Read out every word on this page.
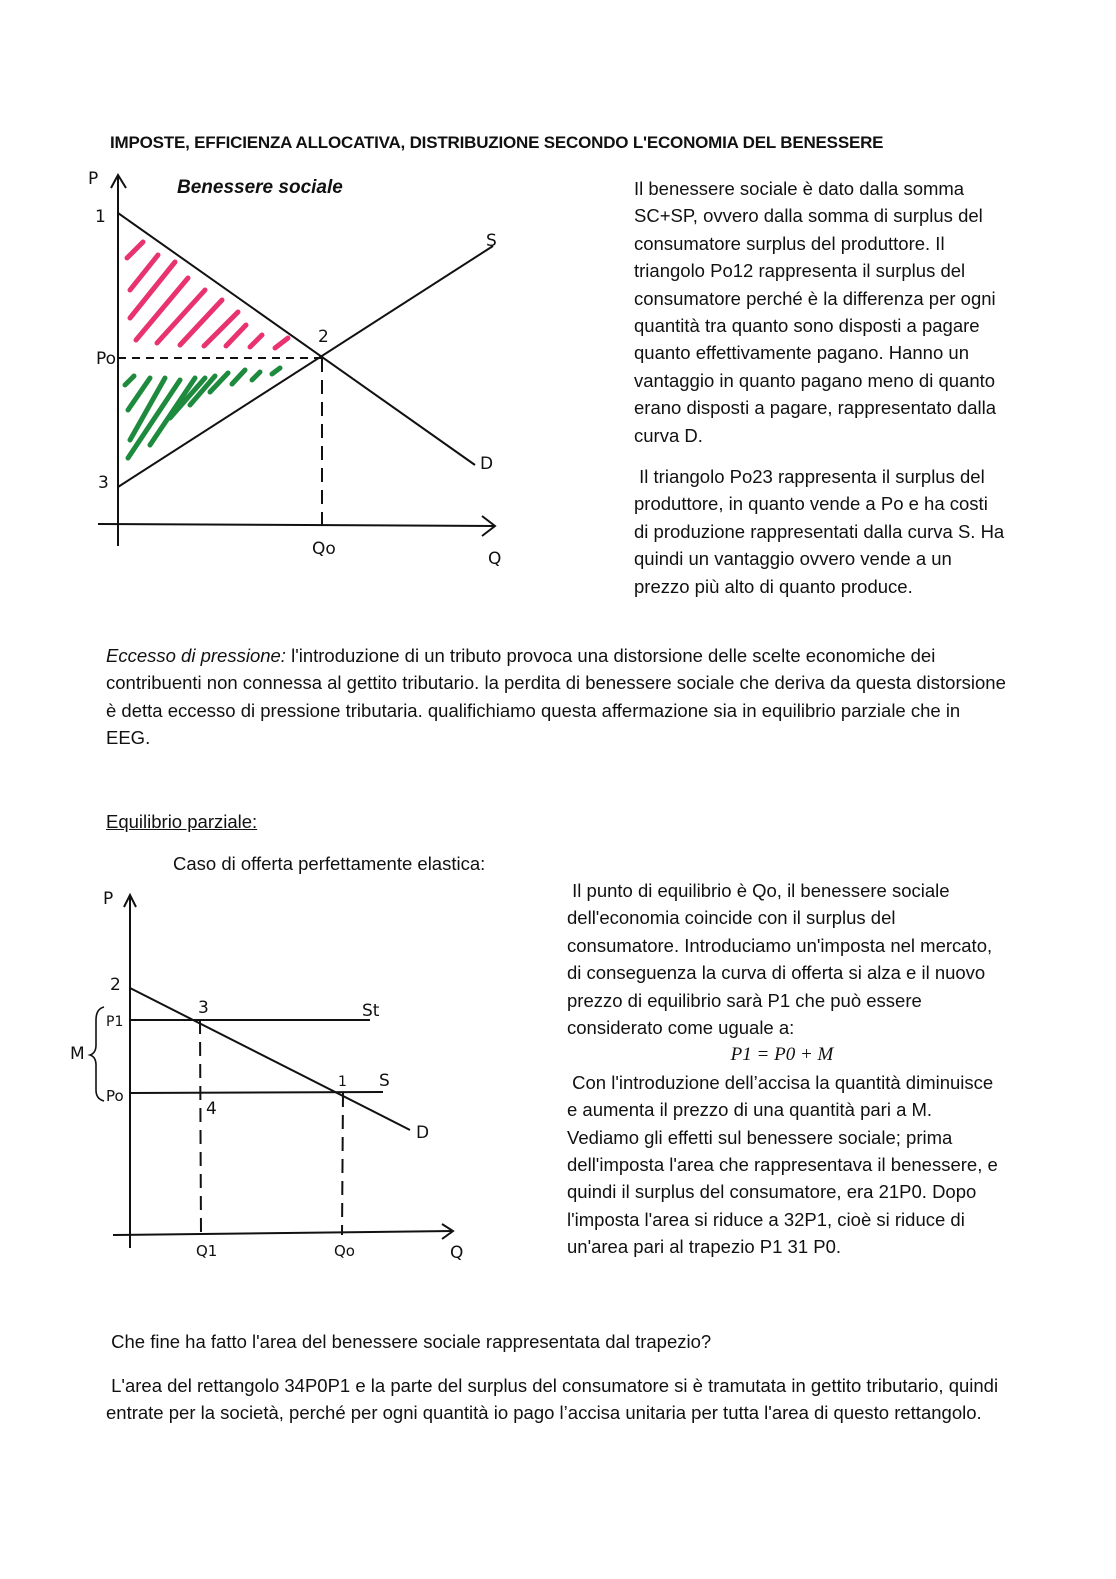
IMPOSTE, EFFICIENZA ALLOCATIVA, DISTRIBUZIONE SECONDO L'ECONOMIA DEL BENESSERE
P
1
Po
3
2
S
D
Qo	Q
P
2
P1
3	St
M
Po
1 S
4
D
Q1	Qo	Q
Benessere sociale	Il benessere sociale è dato dalla somma SC+SP, ovvero dalla somma di surplus del consumatore surplus del produttore. Il triangolo Po12 rappresenta il surplus del consumatore perché è la differenza per ogni quantità tra quanto sono disposti a pagare quanto effettivamente pagano. Hanno un vantaggio in quanto pagano meno di quanto erano disposti a pagare, rappresentato dalla curva D.
Il triangolo Po23 rappresenta il surplus del produttore, in quanto vende a Po e ha costi di produzione rappresentati dalla curva S. Ha quindi un vantaggio ovvero vende a un prezzo più alto di quanto produce.
Eccesso di pressione: l'introduzione di un tributo provoca una distorsione delle scelte economiche dei contribuenti non connessa al gettito tributario. la perdita di benessere sociale che deriva da questa distorsione è detta eccesso di pressione tributaria. qualifichiamo questa affermazione sia in equilibrio parziale che in EEG.
Equilibrio parziale:
Caso di offerta perfettamente elastica:
Il punto di equilibrio è Qo, il benessere sociale dell'economia coincide con il surplus del consumatore. Introduciamo un'imposta nel mercato, di conseguenza la curva di offerta si alza e il nuovo prezzo di equilibrio sarà P1 che può essere considerato come uguale a:
P1 = P0 + M
Con l'introduzione dell’accisa la quantità diminuisce e aumenta il prezzo di una quantità pari a M.
Vediamo gli effetti sul benessere sociale; prima dell'imposta l'area che rappresentava il benessere, e quindi il surplus del consumatore, era 21P0. Dopo l'imposta l'area si riduce a 32P1, cioè si riduce di un'area pari al trapezio P1 31 P0.
Che fine ha fatto l'area del benessere sociale rappresentata dal trapezio?
L'area del rettangolo 34P0P1 e la parte del surplus del consumatore si è tramutata in gettito tributario, quindi entrate per la società, perché per ogni quantità io pago l’accisa unitaria per tutta l'area di questo rettangolo.
